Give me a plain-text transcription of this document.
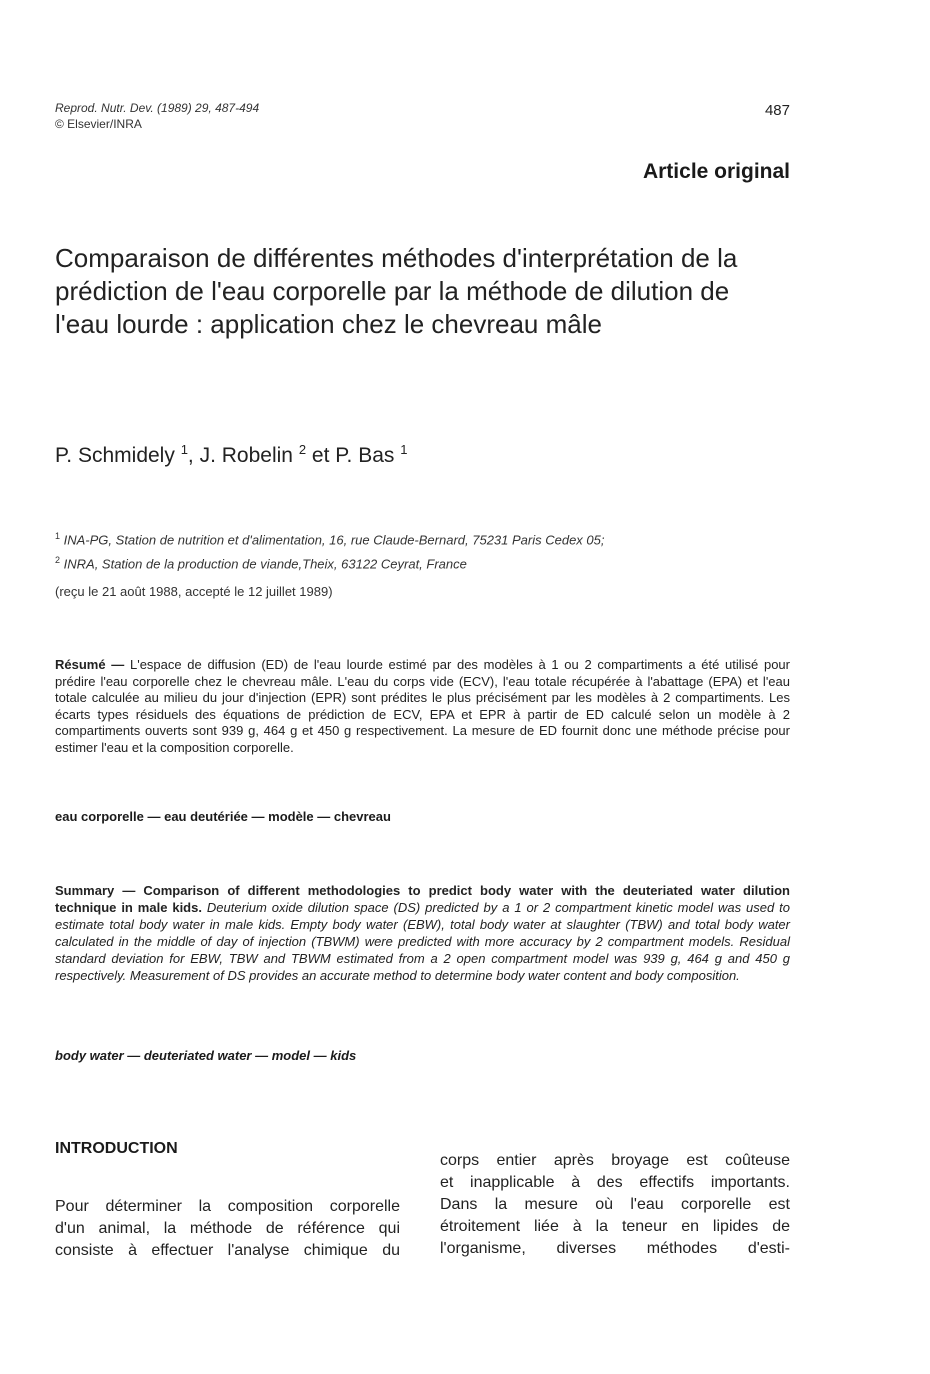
Reprod. Nutr. Dev. (1989) 29, 487-494
© Elsevier/INRA
487
Article original
Comparaison de différentes méthodes d'interprétation de la prédiction de l'eau corporelle par la méthode de dilution de l'eau lourde : application chez le chevreau mâle
P. Schmidely $^1$, J. Robelin $^2$ et P. Bas $^1$
$^1$ INA-PG, Station de nutrition et d'alimentation, 16, rue Claude-Bernard, 75231 Paris Cedex 05;
$^2$ INRA, Station de la production de viande,Theix, 63122 Ceyrat, France
(reçu le 21 août 1988, accepté le 12 juillet 1989)
Résumé — L'espace de diffusion (ED) de l'eau lourde estimé par des modèles à 1 ou 2 compartiments a été utilisé pour prédire l'eau corporelle chez le chevreau mâle. L'eau du corps vide (ECV), l'eau totale récupérée à l'abattage (EPA) et l'eau totale calculée au milieu du jour d'injection (EPR) sont prédites le plus précisément par les modèles à 2 compartiments. Les écarts types résiduels des équations de prédiction de ECV, EPA et EPR à partir de ED calculé selon un modèle à 2 compartiments ouverts sont 939 g, 464 g et 450 g respectivement. La mesure de ED fournit donc une méthode précise pour estimer l'eau et la composition corporelle.
eau corporelle — eau deutériée — modèle — chevreau
Summary — Comparison of different methodologies to predict body water with the deuteriated water dilution technique in male kids. Deuterium oxide dilution space (DS) predicted by a 1 or 2 compartment kinetic model was used to estimate total body water in male kids. Empty body water (EBW), total body water at slaughter (TBW) and total body water calculated in the middle of day of injection (TBWM) were predicted with more accuracy by 2 compartment models. Residual standard deviation for EBW, TBW and TBWM estimated from a 2 open compartment model was 939 g, 464 g and 450 g respectively. Measurement of DS provides an accurate method to determine body water content and body composition.
body water — deuteriated water — model — kids
INTRODUCTION
Pour déterminer la composition corporelle
d'un animal, la méthode de référence qui
consiste à effectuer l'analyse chimique du
corps entier après broyage est coûteuse
et inapplicable à des effectifs importants.
Dans la mesure où l'eau corporelle est
étroitement liée à la teneur en lipides de
l'organisme, diverses méthodes d'esti-
